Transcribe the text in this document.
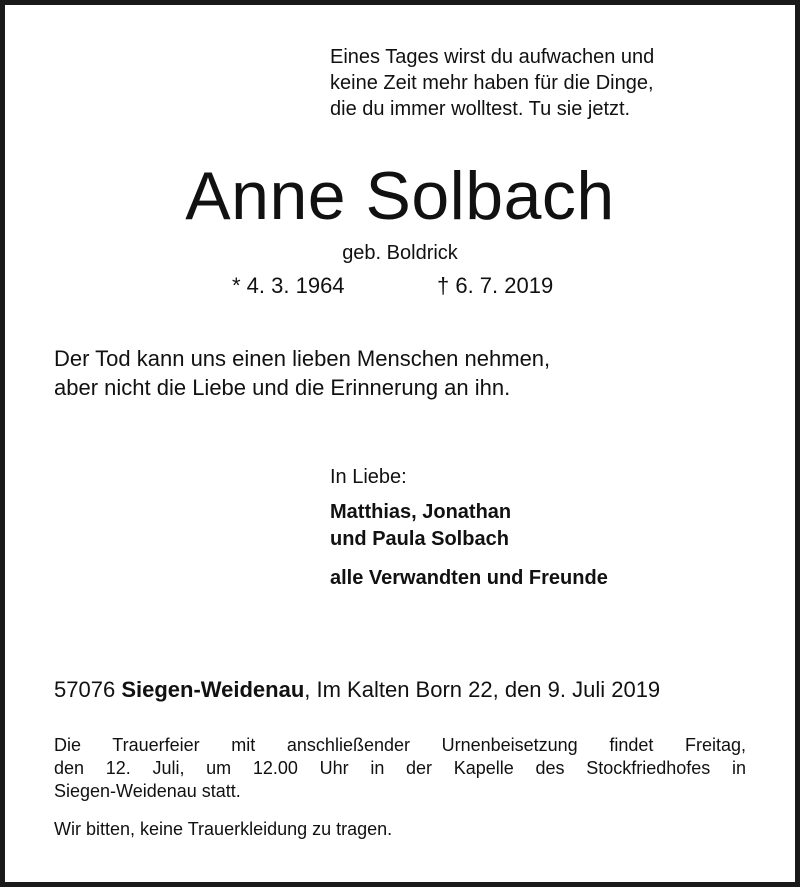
Eines Tages wirst du aufwachen und
keine Zeit mehr haben für die Dinge,
die du immer wolltest. Tu sie jetzt.
Anne Solbach
geb. Boldrick
* 4. 3. 1964	† 6. 7. 2019
Der Tod kann uns einen lieben Menschen nehmen,
aber nicht die Liebe und die Erinnerung an ihn.
In Liebe:
Matthias, Jonathan
und Paula Solbach
alle Verwandten und Freunde
57076 Siegen-Weidenau, Im Kalten Born 22, den 9. Juli 2019
Die Trauerfeier mit anschließender Urnenbeisetzung findet Freitag,
den 12. Juli, um 12.00 Uhr in der Kapelle des Stockfriedhofes in
Siegen-Weidenau statt.
Wir bitten, keine Trauerkleidung zu tragen.
